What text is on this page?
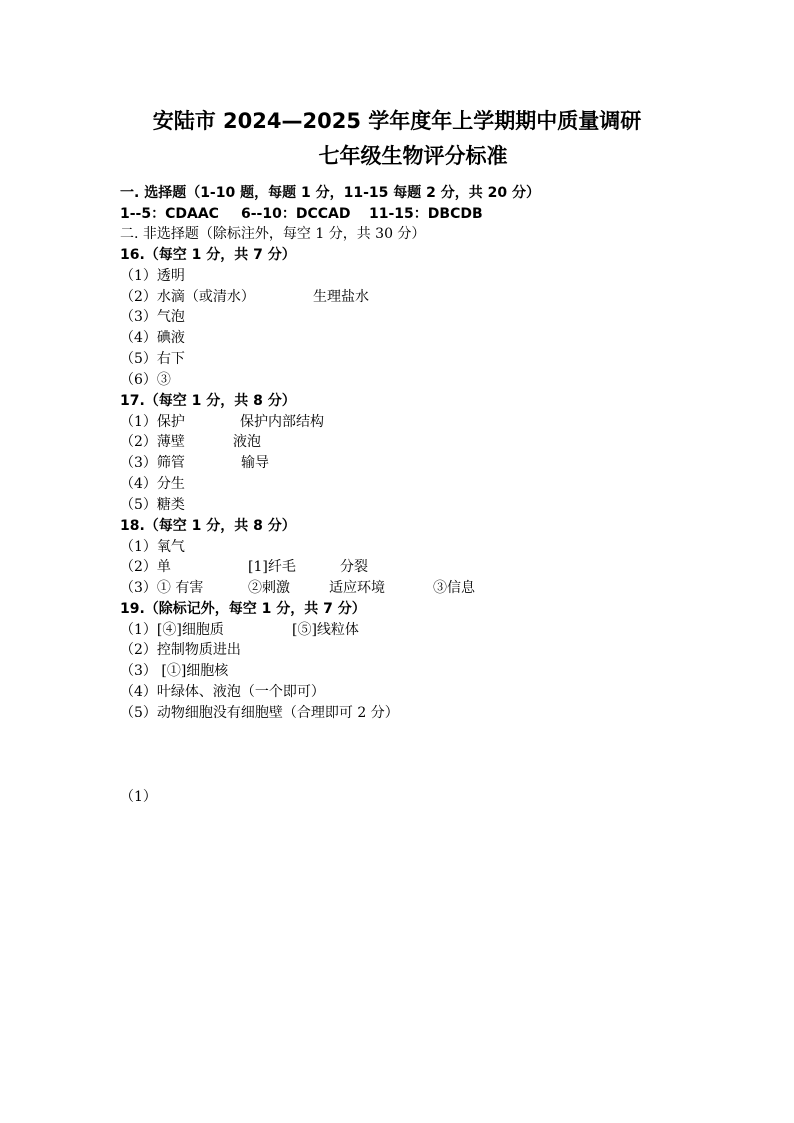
安陆市 2024—2025 学年度年上学期期中质量调研
七年级生物评分标准
一. 选择题（1-10 题，每题 1 分，11-15 每题 2 分，共 20 分）
1--5：CDAAC 6--10：DCCAD 11-15：DBCDB
二. 非选择题（除标注外，每空 1 分，共 30 分）
16.（每空 1 分，共 7 分）
（1）透明
（2）水滴（或清水）	生理盐水
（3）气泡
（4）碘液
（5）右下
（6）③
17.（每空 1 分，共 8 分）
（1）保护	保护内部结构
（2）薄壁	液泡
（3）筛管	输导
（4）分生
（5）糖类
18.（每空 1 分，共 8 分）
（1）氧气
（2）单	[1]纤毛	分裂
（3）① 有害	②刺激	适应环境	③信息
19.（除标记外，每空 1 分，共 7 分）
（1）[④]细胞质	[⑤]线粒体
（2）控制物质进出
（3） [①]细胞核
（4）叶绿体、液泡（一个即可）
（5）动物细胞没有细胞壁（合理即可 2 分）
（1）
